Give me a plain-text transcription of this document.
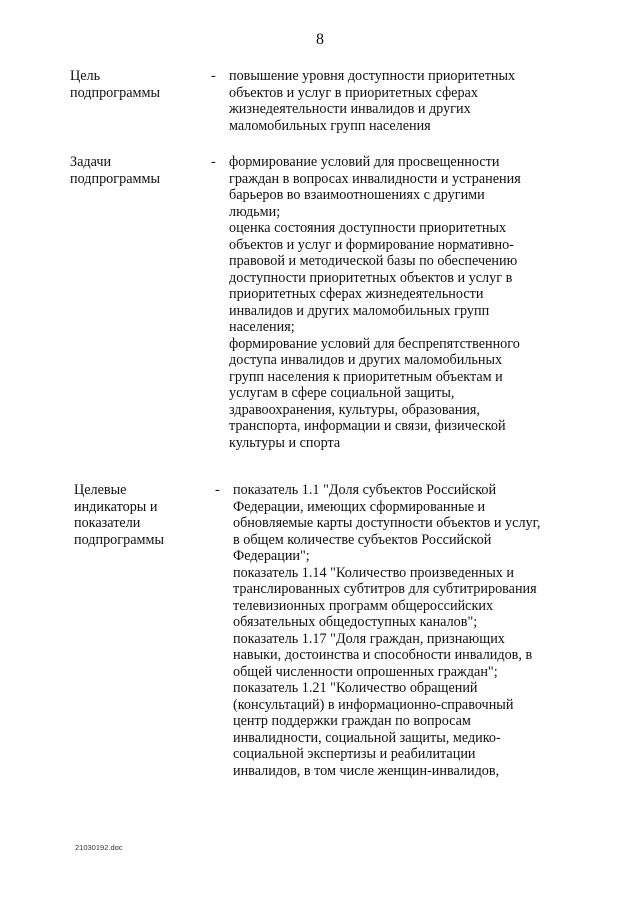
8
Цель
подпрограммы
- повышение уровня доступности приоритетных
объектов и услуг в приоритетных сферах
жизнедеятельности инвалидов и других
маломобильных групп населения
Задачи
подпрограммы
- формирование условий для просвещенности
граждан в вопросах инвалидности и устранения
барьеров во взаимоотношениях с другими
людьми;
оценка состояния доступности приоритетных
объектов и услуг и формирование нормативно-
правовой и методической базы по обеспечению
доступности приоритетных объектов и услуг в
приоритетных сферах жизнедеятельности
инвалидов и других маломобильных групп
населения;
формирование условий для беспрепятственного
доступа инвалидов и других маломобильных
групп населения к приоритетным объектам и
услугам в сфере социальной защиты,
здравоохранения, культуры, образования,
транспорта, информации и связи, физической
культуры и спорта
Целевые
индикаторы и
показатели
подпрограммы
- показатель 1.1 "Доля субъектов Российской
Федерации, имеющих сформированные и
обновляемые карты доступности объектов и услуг,
в общем количестве субъектов Российской
Федерации";
показатель 1.14 "Количество произведенных и
транслированных субтитров для субтитрирования
телевизионных программ общероссийских
обязательных общедоступных каналов";
показатель 1.17 "Доля граждан, признающих
навыки, достоинства и способности инвалидов, в
общей численности опрошенных граждан";
показатель 1.21 "Количество обращений
(консультаций) в информационно-справочный
центр поддержки граждан по вопросам
инвалидности, социальной защиты, медико-
социальной экспертизы и реабилитации
инвалидов, в том числе женщин-инвалидов,
21030192.doc
